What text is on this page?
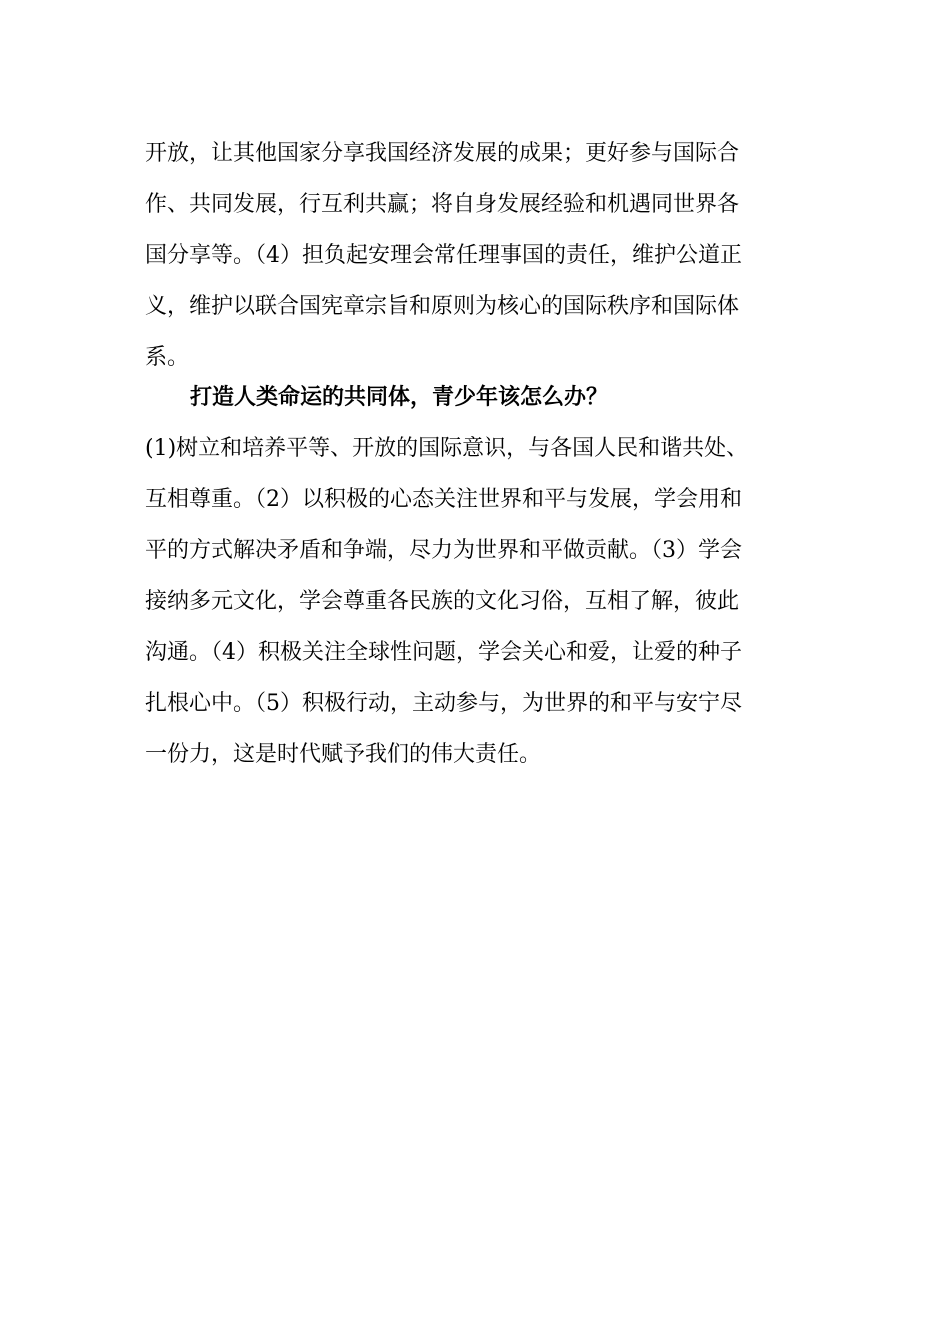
开放，让其他国家分享我国经济发展的成果；更好参与国际合
作、共同发展，行互利共赢；将自身发展经验和机遇同世界各
国分享等。（4）担负起安理会常任理事国的责任，维护公道正
义，维护以联合国宪章宗旨和原则为核心的国际秩序和国际体
系。
打造人类命运的共同体，青少年该怎么办？
(1)树立和培养平等、开放的国际意识，与各国人民和谐共处、
互相尊重。（2）以积极的心态关注世界和平与发展，学会用和
平的方式解决矛盾和争端，尽力为世界和平做贡献。（3）学会
接纳多元文化，学会尊重各民族的文化习俗，互相了解，彼此
沟通。（4）积极关注全球性问题，学会关心和爱，让爱的种子
扎根心中。（5）积极行动，主动参与，为世界的和平与安宁尽
一份力，这是时代赋予我们的伟大责任。
